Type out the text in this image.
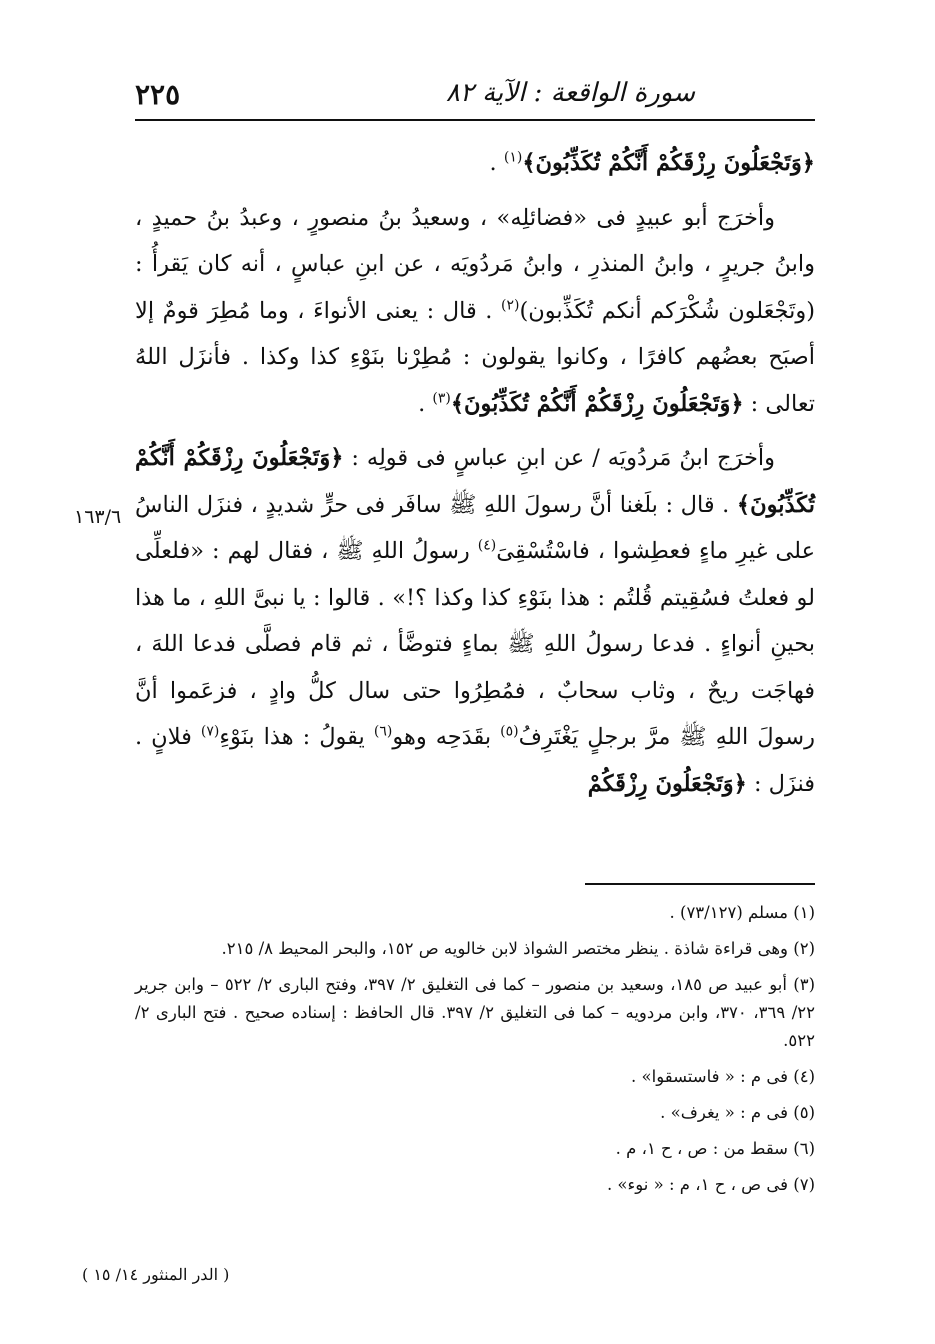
٢٢٥	سورة الواقعة : الآية ٨٢

﴿وَتَجْعَلُونَ رِزْقَكُمْ أَنَّكُمْ تُكَذِّبُونَ﴾$^{(١)}$ .

وأخرَج أبو عبيدٍ فى «فضائلِه» ، وسعيدُ بنُ منصورٍ ، وعبدُ بنُ حميدٍ ، وابنُ جريرٍ ، وابنُ المنذرِ ، وابنُ مَردُويَه ، عن ابنِ عباسٍ ، أنه كان يَقرأُ : (وتَجْعَلون شُكْرَكم أنكم تُكَذِّبون)$^{(٢)}$ . قال : يعنى الأنواءَ ، وما مُطِرَ قومٌ إلا أصبَح بعضُهم كافرًا ، وكانوا يقولون : مُطِرْنا بنَوْءِ كذا وكذا . فأنزَل اللهُ تعالى : ﴿وَتَجْعَلُونَ رِزْقَكُمْ أَنَّكُمْ تُكَذِّبُونَ﴾$^{(٣)}$ .

وأخرَج ابنُ مَردُويَه / عن ابنِ عباسٍ فى قولِه : ﴿وَتَجْعَلُونَ رِزْقَكُمْ أَنَّكُمْ تُكَذِّبُونَ﴾ . قال : بلَغنا أنَّ رسولَ اللهِ ﷺ سافَر فى حرٍّ شديدٍ ، فنزَل الناسُ على غيرِ ماءٍ فعطِشوا ، فاسْتُسْقِىَ$^{(٤)}$ رسولُ اللهِ ﷺ ، فقال لهم : «فلعلِّى لو فعلتُ فسُقِيتم قُلتُم : هذا بنَوْءِ كذا وكذا ؟!» . قالوا : يا نبىَّ اللهِ ، ما هذا بحينِ أنواءٍ . فدعا رسولُ اللهِ ﷺ بماءٍ فتوضَّأ ، ثم قام فصلَّى فدعا اللهَ ، فهاجَت ريحٌ ، وثاب سحابٌ ، فمُطِرُوا حتى سال كلُّ وادٍ ، فزعَموا أنَّ رسولَ اللهِ ﷺ مرَّ برجلٍ يَغْتَرِفُ$^{(٥)}$ بقَدَحِه وهو$^{(٦)}$ يقولُ : هذا بنَوْءِ$^{(٧)}$ فلانٍ . فنزَل : ﴿وَتَجْعَلُونَ رِزْقَكُمْ

١٦٣/٦

(١) مسلم (٧٣/١٢٧) .

(٢) وهى قراءة شاذة . ينظر مختصر الشواذ لابن خالويه ص ١٥٢، والبحر المحيط ٨/ ٢١٥.

(٣) أبو عبيد ص ١٨٥، وسعيد بن منصور – كما فى التغليق ٢/ ٣٩٧، وفتح البارى ٢/ ٥٢٢ – وابن جرير ٢٢/ ٣٦٩، ٣٧٠، وابن مردويه – كما فى التغليق ٢/ ٣٩٧. قال الحافظ : إسناده صحيح . فتح البارى ٢/ ٥٢٢.

(٤) فى م : « فاستسقوا» .

(٥) فى م : « يغرف» .

(٦) سقط من : ص ، ح ١، م .

(٧) فى ص ، ح ١، م : « نوء» .

( الدر المنثور ١٤/ ١٥ )
